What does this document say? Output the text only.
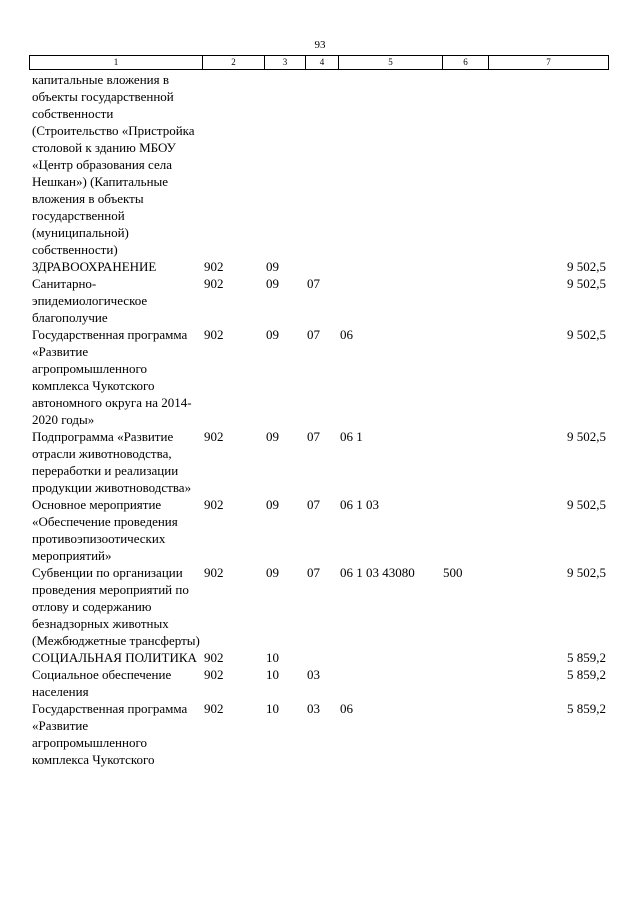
93
1	2	3	4	5	6	7
капитальные вложения в объекты государственной собственности (Строительство «Пристройка столовой к зданию МБОУ «Центр образования села Нешкан») (Капитальные вложения в объекты государственной (муниципальной) собственности)						
ЗДРАВООХРАНЕНИЕ	902	09				9 502,5
Санитарно-эпидемиологическое благополучие	902	09	07			9 502,5
Государственная программа «Развитие агропромышленного комплекса Чукотского автономного округа на 2014-2020 годы»	902	09	07	06		9 502,5
Подпрограмма «Развитие отрасли животноводства, переработки и реализации продукции животноводства»	902	09	07	06 1		9 502,5
Основное мероприятие «Обеспечение проведения противоэпизоотических мероприятий»	902	09	07	06 1 03		9 502,5
Субвенции по организации проведения мероприятий по отлову и содержанию безнадзорных животных (Межбюджетные трансферты)	902	09	07	06 1 03 43080	500	9 502,5
СОЦИАЛЬНАЯ ПОЛИТИКА	902	10				5 859,2
Социальное обеспечение населения	902	10	03			5 859,2
Государственная программа «Развитие агропромышленного комплекса Чукотского	902	10	03	06		5 859,2
